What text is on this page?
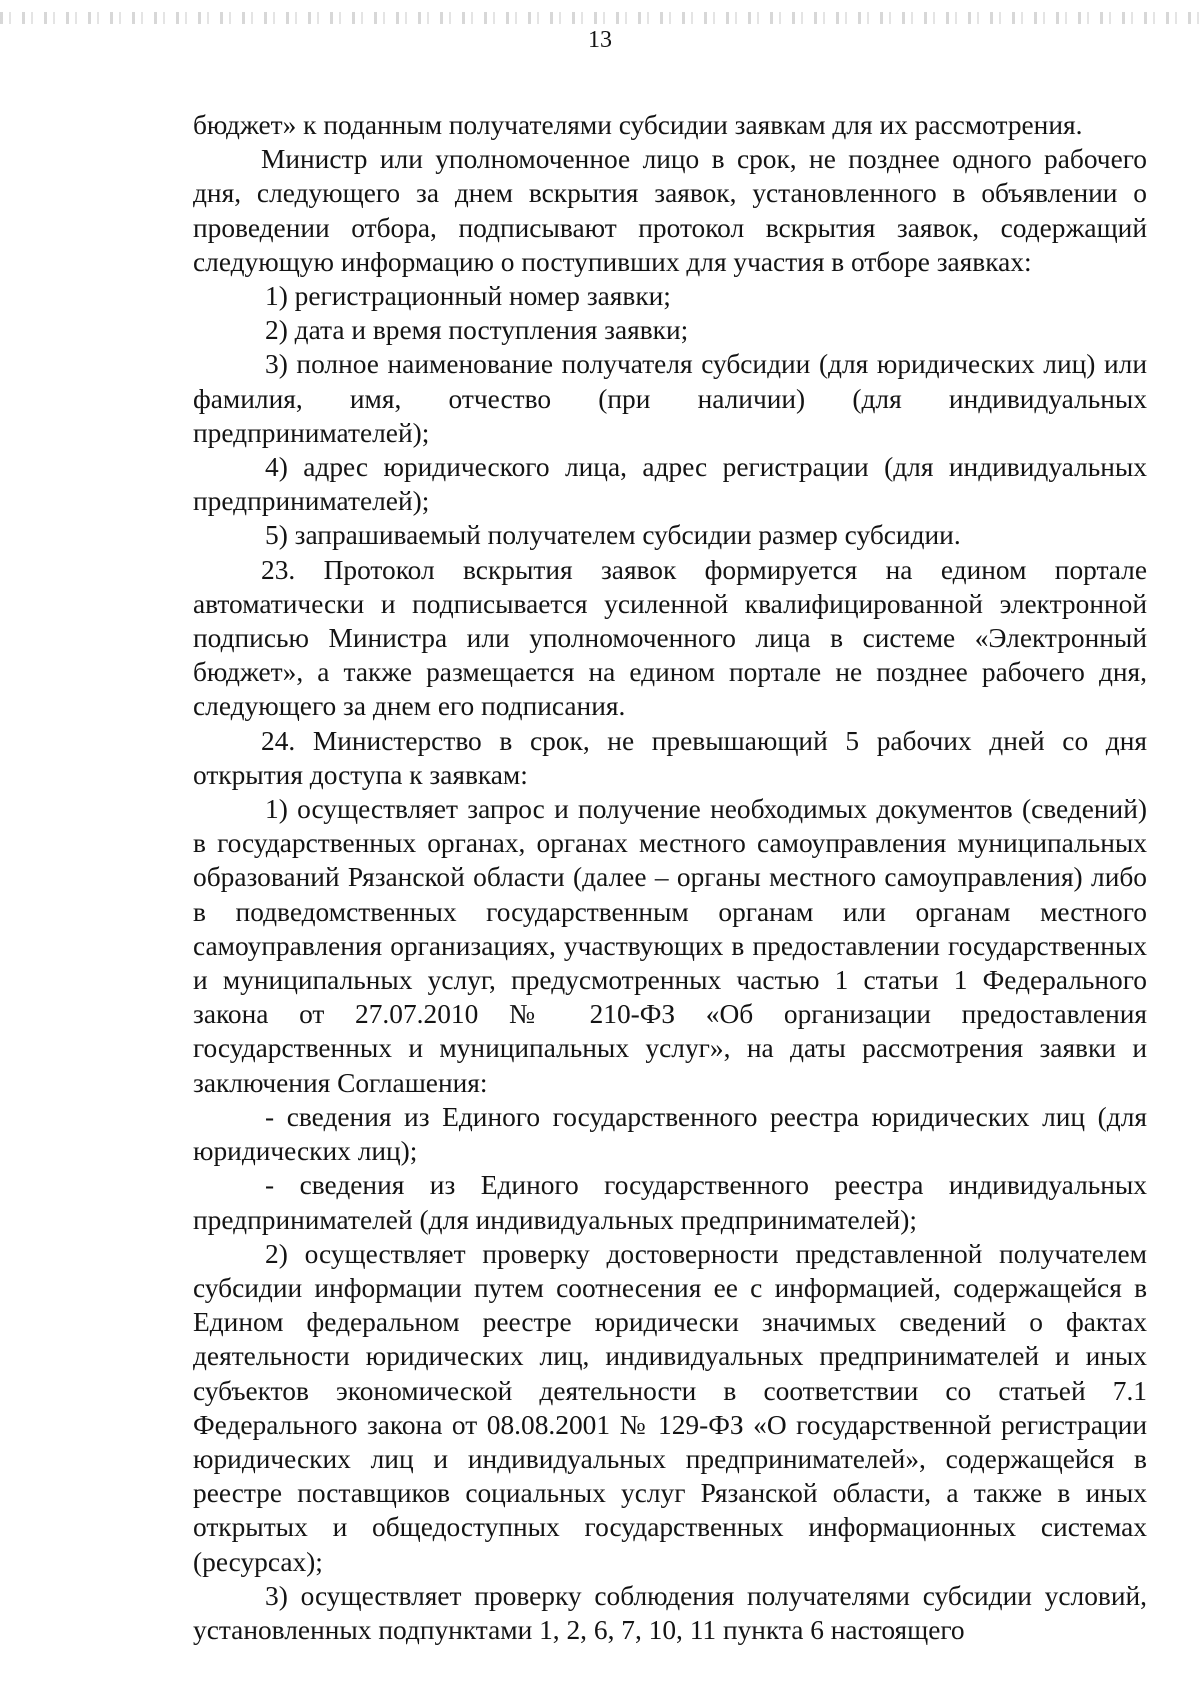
13

бюджет» к поданным получателями субсидии заявкам для их рассмотрения.

Министр или уполномоченное лицо в срок, не позднее одного рабочего дня, следующего за днем вскрытия заявок, установленного в объявлении о проведении отбора, подписывают протокол вскрытия заявок, содержащий следующую информацию о поступивших для участия в отборе заявках:

1) регистрационный номер заявки;

2) дата и время поступления заявки;

3) полное наименование получателя субсидии (для юридических лиц) или фамилия, имя, отчество (при наличии) (для индивидуальных предпринимателей);

4) адрес юридического лица, адрес регистрации (для индивидуальных предпринимателей);

5) запрашиваемый получателем субсидии размер субсидии.

23. Протокол вскрытия заявок формируется на едином портале автоматически и подписывается усиленной квалифицированной электронной подписью Министра или уполномоченного лица в системе «Электронный бюджет», а также размещается на едином портале не позднее рабочего дня, следующего за днем его подписания.

24. Министерство в срок, не превышающий 5 рабочих дней со дня открытия доступа к заявкам:

1) осуществляет запрос и получение необходимых документов (сведений) в государственных органах, органах местного самоуправления муниципальных образований Рязанской области (далее – органы местного самоуправления) либо в подведомственных государственным органам или органам местного самоуправления организациях, участвующих в предоставлении государственных и муниципальных услуг, предусмотренных частью 1 статьи 1 Федерального закона от 27.07.2010 № 210-ФЗ «Об организации предоставления государственных и муниципальных услуг», на даты рассмотрения заявки и заключения Соглашения:

- сведения из Единого государственного реестра юридических лиц (для юридических лиц);

- сведения из Единого государственного реестра индивидуальных предпринимателей (для индивидуальных предпринимателей);

2) осуществляет проверку достоверности представленной получателем субсидии информации путем соотнесения ее с информацией, содержащейся в Едином федеральном реестре юридически значимых сведений о фактах деятельности юридических лиц, индивидуальных предпринимателей и иных субъектов экономической деятельности в соответствии со статьей 7.1 Федерального закона от 08.08.2001 № 129-ФЗ «О государственной регистрации юридических лиц и индивидуальных предпринимателей», содержащейся в реестре поставщиков социальных услуг Рязанской области, а также в иных открытых и общедоступных государственных информационных системах (ресурсах);

3) осуществляет проверку соблюдения получателями субсидии условий, установленных подпунктами 1, 2, 6, 7, 10, 11 пункта 6 настоящего
